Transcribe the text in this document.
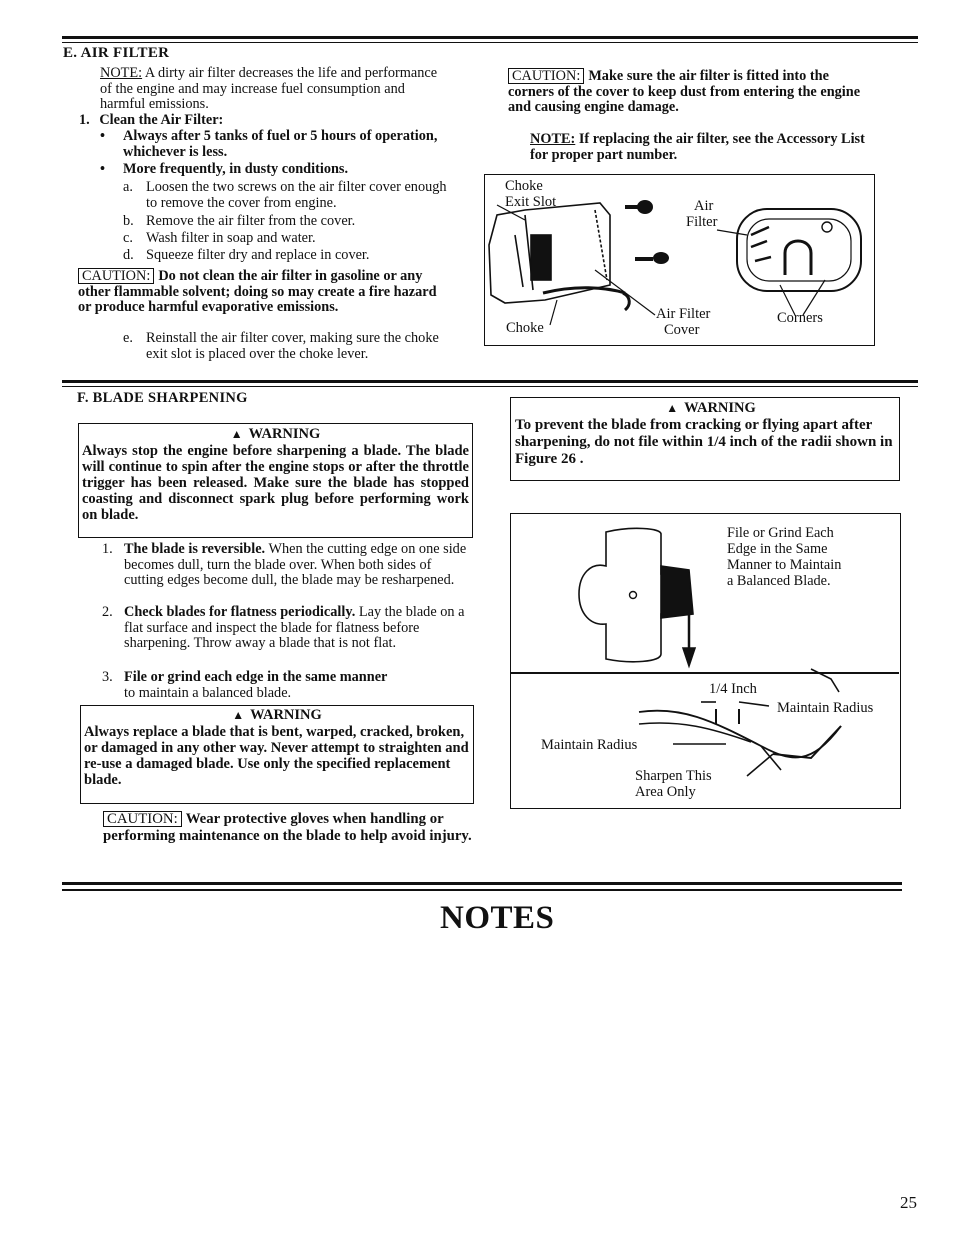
E. AIR FILTER
NOTE: A dirty air filter decreases the life and performance of the engine and may increase fuel consumption and harmful emissions.
1. Clean the Air Filter:
•	Always after 5 tanks of fuel or 5 hours of operation, whichever is less.
•	More frequently, in dusty conditions.
a. Loosen the two screws on the air filter cover enough to remove the cover from engine.
b. Remove the air filter from the cover.
c. Wash filter in soap and water.
d. Squeeze filter dry and replace in cover.
CAUTION: Do not clean the air filter in gasoline or any other flammable solvent; doing so may create a fire hazard or produce harmful evaporative emissions.
e. Reinstall the air filter cover, making sure the choke exit slot is placed over the choke lever.
CAUTION: Make sure the air filter is fitted into the corners of the cover to keep dust from entering the engine and causing engine damage.
NOTE: If replacing the air filter, see the Accessory List for proper part number.
Choke
Exit Slot	Air
Filter
Choke
Air Filter
Cover
Corners
F. BLADE SHARPENING
▲ WARNING
Always stop the engine before sharpening a blade. The blade will continue to spin after the engine stops or after the throttle trigger has been released. Make sure the blade has stopped coasting and disconnect spark plug before performing work on blade.
1. The blade is reversible. When the cutting edge on one side becomes dull, turn the blade over. When both sides of cutting edges become dull, the blade may be resharpened.
2. Check blades for flatness periodically. Lay the blade on a flat surface and inspect the blade for flatness before sharpening. Throw away a blade that is not flat.
3. File or grind each edge in the same manner
to maintain a balanced blade.
▲ WARNING
Always replace a blade that is bent, warped, cracked, broken, or damaged in any other way. Never attempt to straighten and re-use a damaged blade. Use only the specified replacement blade.
CAUTION: Wear protective gloves when handling or performing maintenance on the blade to help avoid injury.
▲ WARNING
To prevent the blade from cracking or flying apart after sharpening, do not file within 1/4 inch of the radii shown in Figure 26 .
File or Grind Each
Edge in the Same
Manner to Maintain
a Balanced Blade.
1/4 Inch
Maintain Radius
Maintain Radius
Sharpen This
Area Only
NOTES
25
